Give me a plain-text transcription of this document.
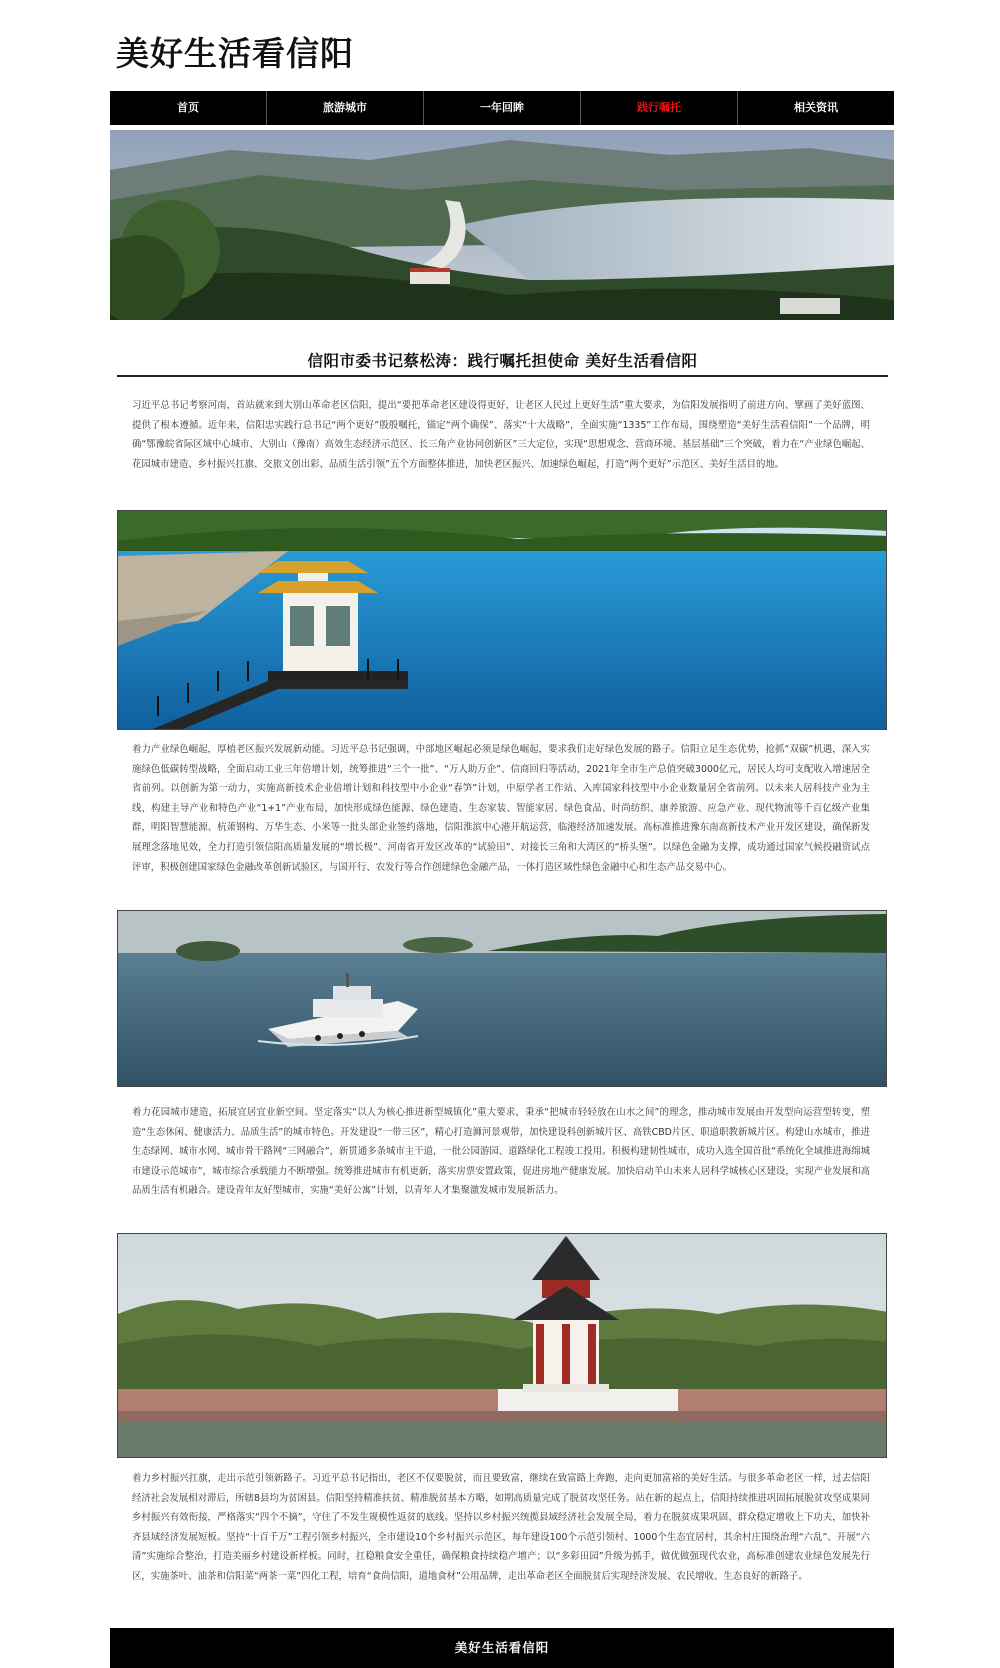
美好生活看信阳
首页	旅游城市	一年回眸	践行嘱托	相关资讯
信阳市委书记蔡松涛：践行嘱托担使命 美好生活看信阳
习近平总书记考察河南，首站就来到大别山革命老区信阳，提出“要把革命老区建设得更好，让老区人民过上更好生活”重大要求，为信阳发展指明了前进方向、擘画了美好蓝图、提供了根本遵循。近年来，信阳忠实践行总书记“两个更好”殷殷嘱托，锚定“两个确保”、落实“十大战略”，全面实施“1335”工作布局，围绕塑造“美好生活看信阳”一个品牌，明确“鄂豫皖省际区域中心城市、大别山（豫南）高效生态经济示范区、长三角产业协同创新区”三大定位，实现“思想观念、营商环境、基层基础”三个突破，着力在“产业绿色崛起、花园城市建造、乡村振兴扛旗、交旅文创出彩、品质生活引领”五个方面整体推进，加快老区振兴、加速绿色崛起，打造“两个更好”示范区、美好生活目的地。
着力产业绿色崛起，厚植老区振兴发展新动能。习近平总书记强调，中部地区崛起必须是绿色崛起，要求我们走好绿色发展的路子。信阳立足生态优势，抢抓“双碳”机遇，深入实施绿色低碳转型战略，全面启动工业三年倍增计划，统筹推进“三个一批”、“万人助万企”、信商回归等活动，2021年全市生产总值突破3000亿元，居民人均可支配收入增速居全省前列。以创新为第一动力，实施高新技术企业倍增计划和科技型中小企业“春笋”计划，中原学者工作站、入库国家科技型中小企业数量居全省前列。以未来人居科技产业为主线，构建主导产业和特色产业“1+1”产业布局，加快形成绿色能源、绿色建造、生态家装、智能家居、绿色食品、时尚纺织、康养旅游、应急产业、现代物流等千百亿级产业集群，明阳智慧能源、杭萧钢构、万华生态、小米等一批头部企业签约落地，信阳淮滨中心港开航运营，临港经济加速发展。高标准推进豫东南高新技术产业开发区建设，确保新发展理念落地见效，全力打造引领信阳高质量发展的“增长极”、河南省开发区改革的“试验田”、对接长三角和大湾区的“桥头堡”。以绿色金融为支撑，成功通过国家气候投融资试点评审，积极创建国家绿色金融改革创新试验区，与国开行、农发行等合作创建绿色金融产品，一体打造区域性绿色金融中心和生态产品交易中心。
着力花园城市建造，拓展宜居宜业新空间。坚定落实“以人为核心推进新型城镇化”重大要求，秉承“把城市轻轻放在山水之间”的理念，推动城市发展由开发型向运营型转变，塑造“生态休闲、健康活力、品质生活”的城市特色。开发建设“一带三区”，精心打造浉河景观带，加快建设科创新城片区、高铁CBD片区、职道职教新城片区。构建山水城市，推进生态绿网、城市水网、城市骨干路网“三网融合”，新贯通多条城市主干道，一批公园游园、道路绿化工程竣工投用。积极构建韧性城市，成功入选全国首批“系统化全域推进海绵城市建设示范城市”，城市综合承载能力不断增强。统筹推进城市有机更新，落实房票安置政策，促进房地产健康发展。加快启动羊山未来人居科学城核心区建设，实现产业发展和高品质生活有机融合。建设青年友好型城市，实施“美好公寓”计划，以青年人才集聚激发城市发展新活力。
着力乡村振兴扛旗，走出示范引领新路子。习近平总书记指出，老区不仅要脱贫，而且要致富，继续在致富路上奔跑，走向更加富裕的美好生活。与很多革命老区一样，过去信阳经济社会发展相对滞后，所辖8县均为贫困县。信阳坚持精准扶贫、精准脱贫基本方略，如期高质量完成了脱贫攻坚任务。站在新的起点上，信阳持续推进巩固拓展脱贫攻坚成果同乡村振兴有效衔接，严格落实“四个不摘”，守住了不发生规模性返贫的底线。坚持以乡村振兴统揽县域经济社会发展全局，着力在脱贫成果巩固、群众稳定增收上下功夫，加快补齐县域经济发展短板。坚持“十百千万”工程引领乡村振兴，全市建设10个乡村振兴示范区，每年建设100个示范引领村、1000个生态宜居村，其余村庄围绕治理“六乱”、开展“六清”实施综合整治，打造美丽乡村建设新样板。同时，扛稳粮食安全重任，确保粮食持续稳产增产；以“多彩田园”升级为抓手，做优做强现代农业，高标准创建农业绿色发展先行区，实施茶叶、油茶和信阳菜“两茶一菜”四化工程，培育“食尚信阳，道地食材”公用品牌，走出革命老区全面脱贫后实现经济发展、农民增收、生态良好的新路子。
美好生活看信阳
